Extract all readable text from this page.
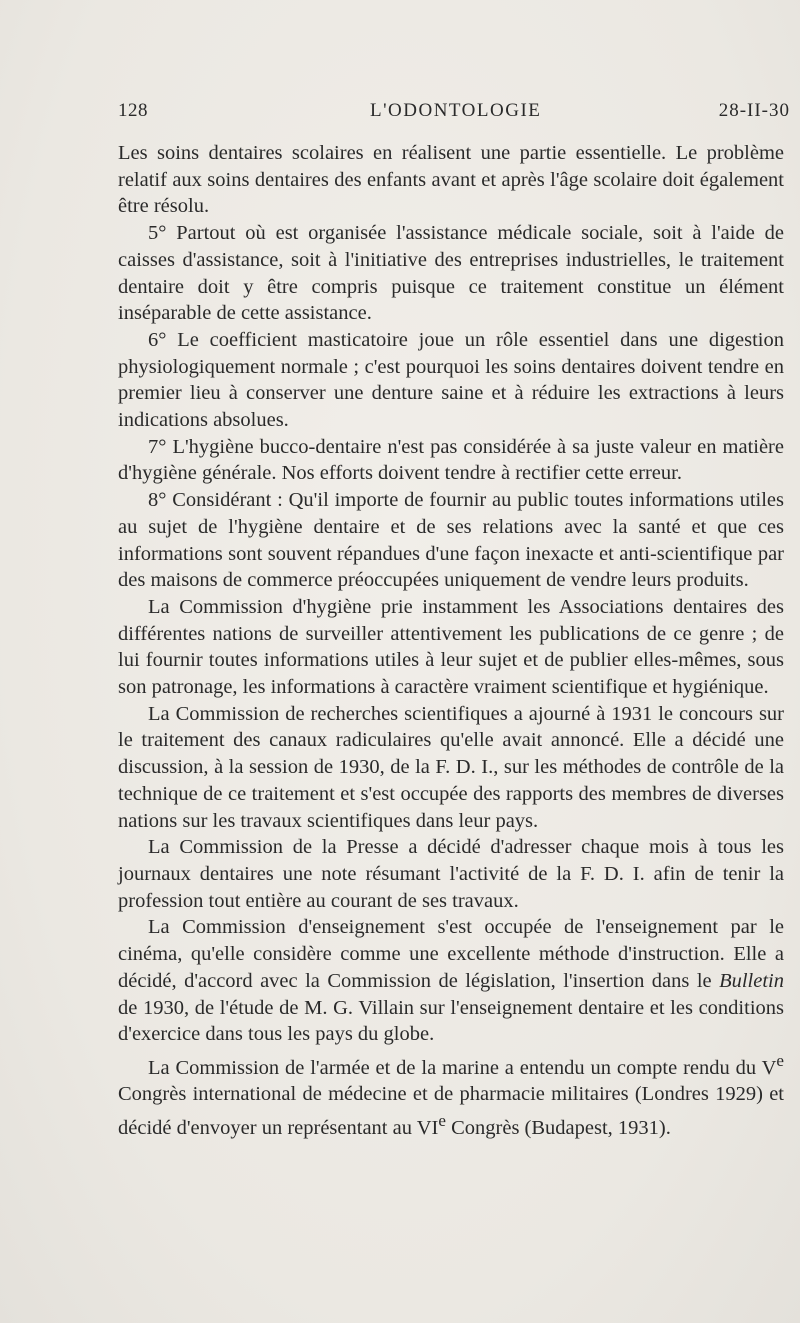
128	L'ODONTOLOGIE	28-II-30

Les soins dentaires scolaires en réalisent une partie essentielle. Le problème relatif aux soins dentaires des enfants avant et après l'âge scolaire doit également être résolu.

5° Partout où est organisée l'assistance médicale sociale, soit à l'aide de caisses d'assistance, soit à l'initiative des entreprises industrielles, le traitement dentaire doit y être compris puisque ce traitement constitue un élément inséparable de cette assistance.

6° Le coefficient masticatoire joue un rôle essentiel dans une digestion physiologiquement normale ; c'est pourquoi les soins dentaires doivent tendre en premier lieu à conserver une denture saine et à réduire les extractions à leurs indications absolues.

7° L'hygiène bucco-dentaire n'est pas considérée à sa juste valeur en matière d'hygiène générale. Nos efforts doivent tendre à rectifier cette erreur.

8° Considérant : Qu'il importe de fournir au public toutes informations utiles au sujet de l'hygiène dentaire et de ses relations avec la santé et que ces informations sont souvent répandues d'une façon inexacte et anti-scientifique par des maisons de commerce préoccupées uniquement de vendre leurs produits.

La Commission d'hygiène prie instamment les Associations dentaires des différentes nations de surveiller attentivement les publications de ce genre ; de lui fournir toutes informations utiles à leur sujet et de publier elles-mêmes, sous son patronage, les informations à caractère vraiment scientifique et hygiénique.

La Commission de recherches scientifiques a ajourné à 1931 le concours sur le traitement des canaux radiculaires qu'elle avait annoncé. Elle a décidé une discussion, à la session de 1930, de la F. D. I., sur les méthodes de contrôle de la technique de ce traitement et s'est occupée des rapports des membres de diverses nations sur les travaux scientifiques dans leur pays.

La Commission de la Presse a décidé d'adresser chaque mois à tous les journaux dentaires une note résumant l'activité de la F. D. I. afin de tenir la profession tout entière au courant de ses travaux.

La Commission d'enseignement s'est occupée de l'enseignement par le cinéma, qu'elle considère comme une excellente méthode d'instruction. Elle a décidé, d'accord avec la Commission de législation, l'insertion dans le Bulletin de 1930, de l'étude de M. G. Villain sur l'enseignement dentaire et les conditions d'exercice dans tous les pays du globe.

La Commission de l'armée et de la marine a entendu un compte rendu du Ve Congrès international de médecine et de pharmacie militaires (Londres 1929) et décidé d'envoyer un représentant au VIe Congrès (Budapest, 1931).
